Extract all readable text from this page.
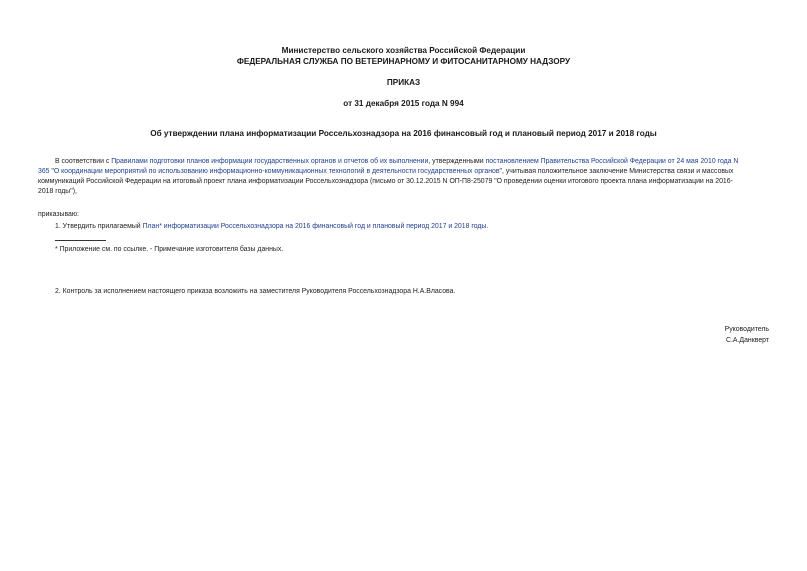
Министерство сельского хозяйства Российской Федерации
ФЕДЕРАЛЬНАЯ СЛУЖБА ПО ВЕТЕРИНАРНОМУ И ФИТОСАНИТАРНОМУ НАДЗОРУ
ПРИКАЗ
от 31 декабря 2015 года N 994
Об утверждении плана информатизации Россельхознадзора на 2016 финансовый год и плановый период 2017 и 2018 годы
В соответствии с Правилами подготовки планов информации государственных органов и отчетов об их выполнении, утвержденными постановлением Правительства Российской Федерации от 24 мая 2010 года N
365 "О координации мероприятий по использованию информационно-коммуникационных технологий в деятельности государственных органов", учитывая положительное заключение Министерства связи и массовых
коммуникаций Российской Федерации на итоговый проект плана информатизации Россельхознадзора (письмо от 30.12.2015 N ОП-П8-25079 "О проведении оценки итогового проекта плана информатизации на 2016-
2018 годы"),
приказываю:
1. Утвердить прилагаемый План* информатизации Россельхознадзора на 2016 финансовый год и плановый период 2017 и 2018 годы.
* Приложение см. по ссылке. - Примечание изготовителя базы данных.
2. Контроль за исполнением настоящего приказа возложить на заместителя Руководителя Россельхознадзора Н.А.Власова.
Руководитель
С.А.Данкверт
